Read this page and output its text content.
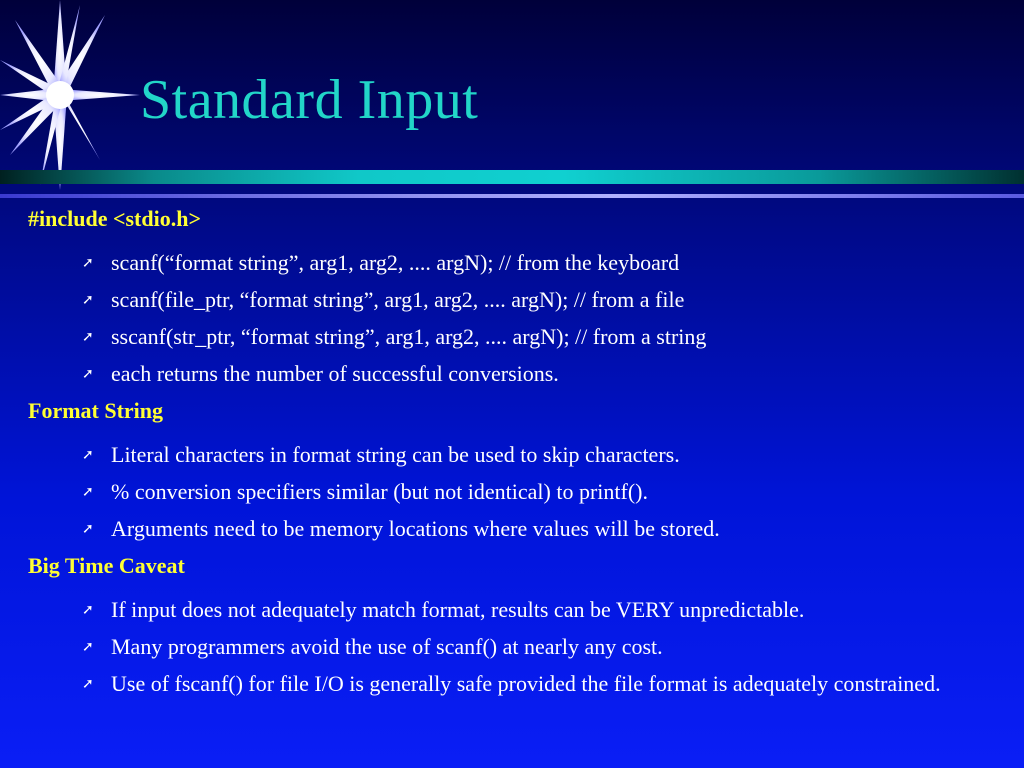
Standard Input
#include <stdio.h>
➚ scanf(“format string”, arg1, arg2, .... argN); // from the keyboard
➚ scanf(file_ptr, “format string”, arg1, arg2, .... argN); // from a file
➚ sscanf(str_ptr, “format string”, arg1, arg2, .... argN); // from a string
➚ each returns the number of successful conversions.
Format String
➚ Literal characters in format string can be used to skip characters.
➚ % conversion specifiers similar (but not identical) to printf().
➚ Arguments need to be memory locations where values will be stored.
Big Time Caveat
➚ If input does not adequately match format, results can be VERY unpredictable.
➚ Many programmers avoid the use of scanf() at nearly any cost.
➚ Use of fscanf() for file I/O is generally safe provided the file format is adequately constrained.
